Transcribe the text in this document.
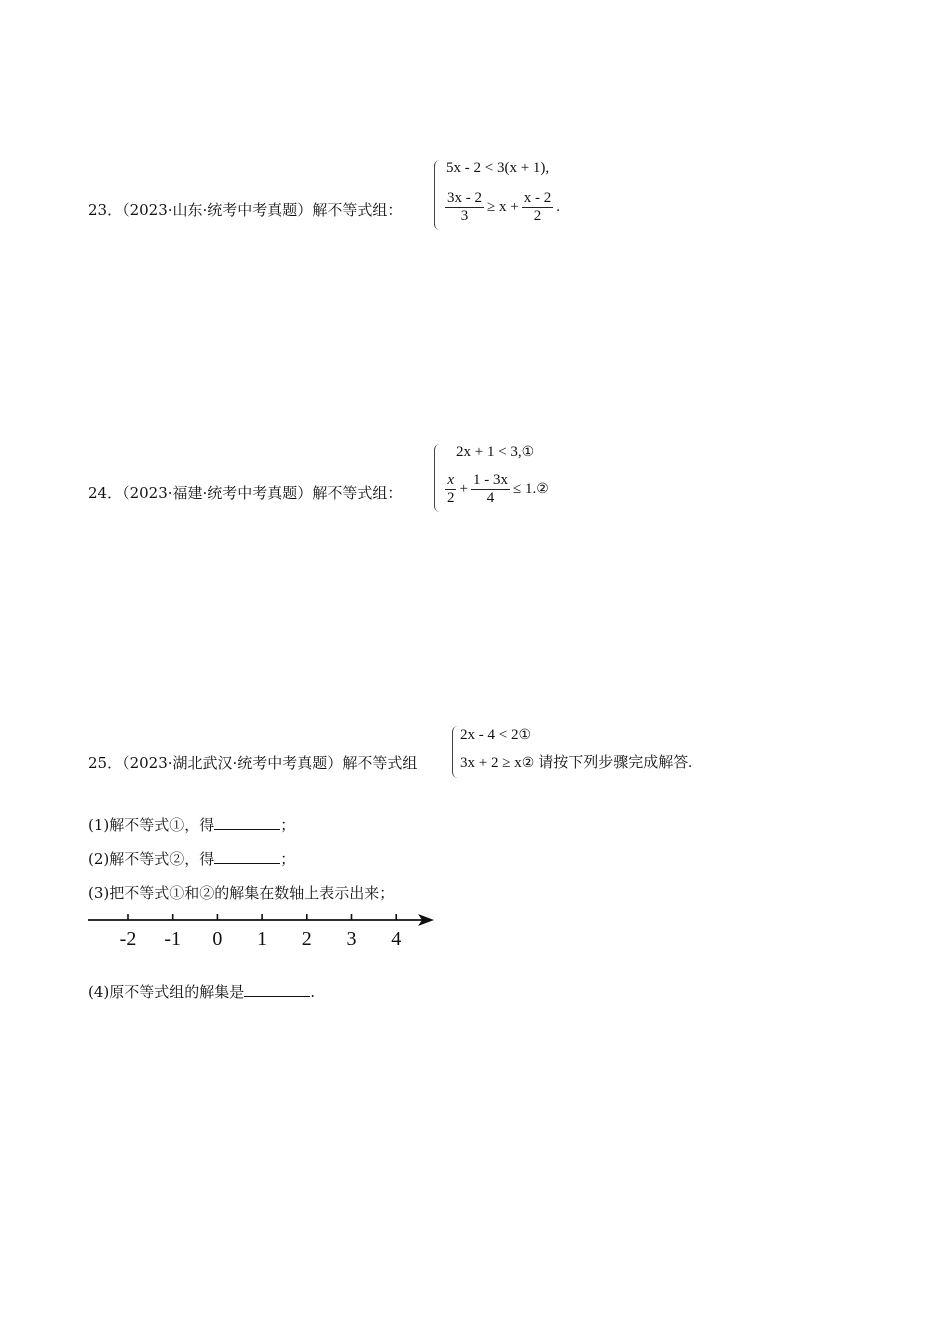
23．（2023·山东·统考中考真题）解不等式组：
5x - 2 < 3(x + 1),
$\frac{3x - 2}{3} \ge x + \frac{x - 2}{2}$ .
24．（2023·福建·统考中考真题）解不等式组：
2x + 1 < 3, ①
$\frac{x}{2} + \frac{1 - 3x}{4} \le 1$. ②
25．（2023·湖北武汉·统考中考真题）解不等式组
2x - 4 < 2 ①
3x + 2 ≥ x ② 请按下列步骤完成解答.
(1)解不等式①，得	；
(2)解不等式②，得	；
(3)把不等式①和②的解集在数轴上表示出来；
-2 -1 0 1 2 3 4
(4)原不等式组的解集是	.
